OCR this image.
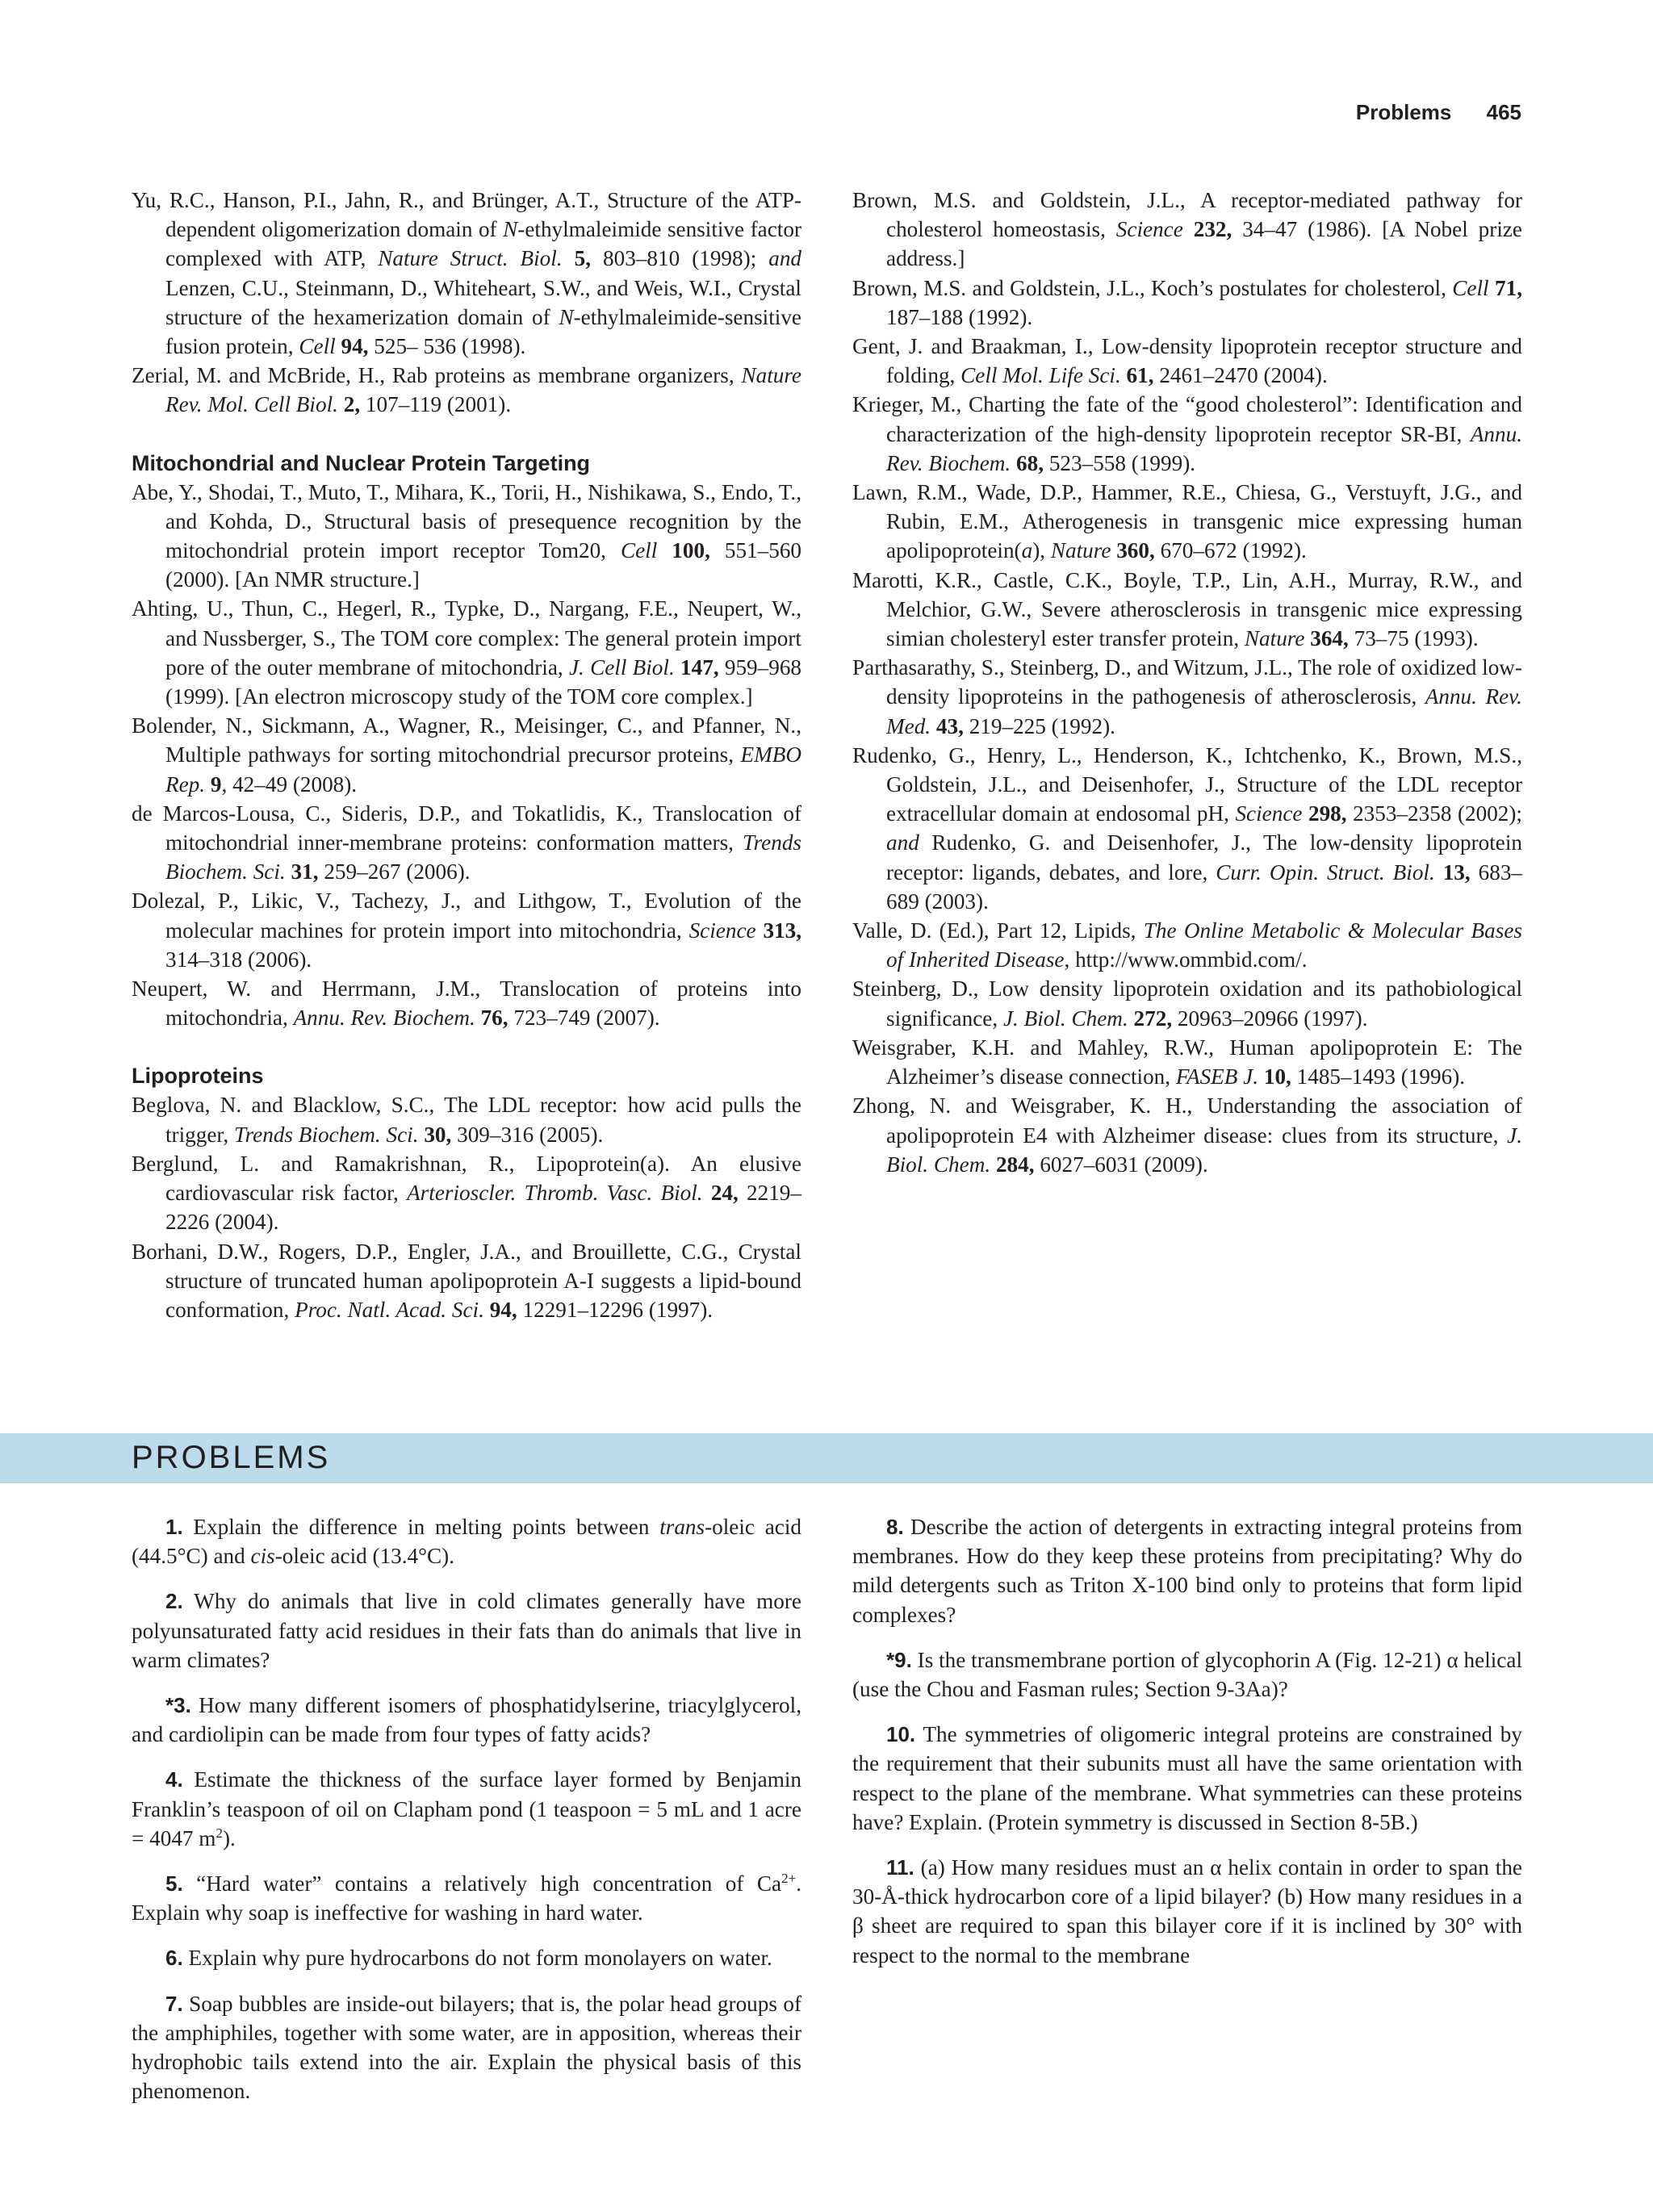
Problems 465

Yu, R.C., Hanson, P.I., Jahn, R., and Brünger, A.T., Structure of the ATP-dependent oligomerization domain of N-ethylmaleimide sensitive factor complexed with ATP, Nature Struct. Biol. 5, 803–810 (1998); and Lenzen, C.U., Steinmann, D., Whiteheart, S.W., and Weis, W.I., Crystal structure of the hexamerization domain of N-ethylmaleimide-sensitive fusion protein, Cell 94, 525– 536 (1998).

Zerial, M. and McBride, H., Rab proteins as membrane organizers, Nature Rev. Mol. Cell Biol. 2, 107–119 (2001).

Mitochondrial and Nuclear Protein Targeting

Abe, Y., Shodai, T., Muto, T., Mihara, K., Torii, H., Nishikawa, S., Endo, T., and Kohda, D., Structural basis of presequence recognition by the mitochondrial protein import receptor Tom20, Cell 100, 551–560 (2000). [An NMR structure.]

Ahting, U., Thun, C., Hegerl, R., Typke, D., Nargang, F.E., Neupert, W., and Nussberger, S., The TOM core complex: The general protein import pore of the outer membrane of mitochondria, J. Cell Biol. 147, 959–968 (1999). [An electron microscopy study of the TOM core complex.]

Bolender, N., Sickmann, A., Wagner, R., Meisinger, C., and Pfanner, N., Multiple pathways for sorting mitochondrial precursor proteins, EMBO Rep. 9, 42–49 (2008).

de Marcos-Lousa, C., Sideris, D.P., and Tokatlidis, K., Translocation of mitochondrial inner-membrane proteins: conformation matters, Trends Biochem. Sci. 31, 259–267 (2006).

Dolezal, P., Likic, V., Tachezy, J., and Lithgow, T., Evolution of the molecular machines for protein import into mitochondria, Science 313, 314–318 (2006).

Neupert, W. and Herrmann, J.M., Translocation of proteins into mitochondria, Annu. Rev. Biochem. 76, 723–749 (2007).

Lipoproteins

Beglova, N. and Blacklow, S.C., The LDL receptor: how acid pulls the trigger, Trends Biochem. Sci. 30, 309–316 (2005).

Berglund, L. and Ramakrishnan, R., Lipoprotein(a). An elusive cardiovascular risk factor, Arterioscler. Thromb. Vasc. Biol. 24, 2219–2226 (2004).

Borhani, D.W., Rogers, D.P., Engler, J.A., and Brouillette, C.G., Crystal structure of truncated human apolipoprotein A-I suggests a lipid-bound conformation, Proc. Natl. Acad. Sci. 94, 12291–12296 (1997).

Brown, M.S. and Goldstein, J.L., A receptor-mediated pathway for cholesterol homeostasis, Science 232, 34–47 (1986). [A Nobel prize address.]

Brown, M.S. and Goldstein, J.L., Koch’s postulates for cholesterol, Cell 71, 187–188 (1992).

Gent, J. and Braakman, I., Low-density lipoprotein receptor structure and folding, Cell Mol. Life Sci. 61, 2461–2470 (2004).

Krieger, M., Charting the fate of the “good cholesterol”: Identification and characterization of the high-density lipoprotein receptor SR-BI, Annu. Rev. Biochem. 68, 523–558 (1999).

Lawn, R.M., Wade, D.P., Hammer, R.E., Chiesa, G., Verstuyft, J.G., and Rubin, E.M., Atherogenesis in transgenic mice expressing human apolipoprotein(a), Nature 360, 670–672 (1992).

Marotti, K.R., Castle, C.K., Boyle, T.P., Lin, A.H., Murray, R.W., and Melchior, G.W., Severe atherosclerosis in transgenic mice expressing simian cholesteryl ester transfer protein, Nature 364, 73–75 (1993).

Parthasarathy, S., Steinberg, D., and Witzum, J.L., The role of oxidized low-density lipoproteins in the pathogenesis of atherosclerosis, Annu. Rev. Med. 43, 219–225 (1992).

Rudenko, G., Henry, L., Henderson, K., Ichtchenko, K., Brown, M.S., Goldstein, J.L., and Deisenhofer, J., Structure of the LDL receptor extracellular domain at endosomal pH, Science 298, 2353–2358 (2002); and Rudenko, G. and Deisenhofer, J., The low-density lipoprotein receptor: ligands, debates, and lore, Curr. Opin. Struct. Biol. 13, 683–689 (2003).

Valle, D. (Ed.), Part 12, Lipids, The Online Metabolic & Molecular Bases of Inherited Disease, http://www.ommbid.com/.

Steinberg, D., Low density lipoprotein oxidation and its pathobiological significance, J. Biol. Chem. 272, 20963–20966 (1997).

Weisgraber, K.H. and Mahley, R.W., Human apolipoprotein E: The Alzheimer’s disease connection, FASEB J. 10, 1485–1493 (1996).

Zhong, N. and Weisgraber, K. H., Understanding the association of apolipoprotein E4 with Alzheimer disease: clues from its structure, J. Biol. Chem. 284, 6027–6031 (2009).

PROBLEMS

1. Explain the difference in melting points between trans-oleic acid (44.5°C) and cis-oleic acid (13.4°C).

2. Why do animals that live in cold climates generally have more polyunsaturated fatty acid residues in their fats than do animals that live in warm climates?

*3. How many different isomers of phosphatidylserine, triacylglycerol, and cardiolipin can be made from four types of fatty acids?

4. Estimate the thickness of the surface layer formed by Benjamin Franklin’s teaspoon of oil on Clapham pond (1 teaspoon = 5 mL and 1 acre = 4047 $m^2$).

5. “Hard water” contains a relatively high concentration of $Ca^{2+}$. Explain why soap is ineffective for washing in hard water.

6. Explain why pure hydrocarbons do not form monolayers on water.

7. Soap bubbles are inside-out bilayers; that is, the polar head groups of the amphiphiles, together with some water, are in apposition, whereas their hydrophobic tails extend into the air. Explain the physical basis of this phenomenon.

8. Describe the action of detergents in extracting integral proteins from membranes. How do they keep these proteins from precipitating? Why do mild detergents such as Triton X-100 bind only to proteins that form lipid complexes?

*9. Is the transmembrane portion of glycophorin A (Fig. 12-21) α helical (use the Chou and Fasman rules; Section 9-3Aa)?

10. The symmetries of oligomeric integral proteins are constrained by the requirement that their subunits must all have the same orientation with respect to the plane of the membrane. What symmetries can these proteins have? Explain. (Protein symmetry is discussed in Section 8-5B.)

11. (a) How many residues must an α helix contain in order to span the 30-Å-thick hydrocarbon core of a lipid bilayer? (b) How many residues in a β sheet are required to span this bilayer core if it is inclined by 30° with respect to the normal to the membrane
